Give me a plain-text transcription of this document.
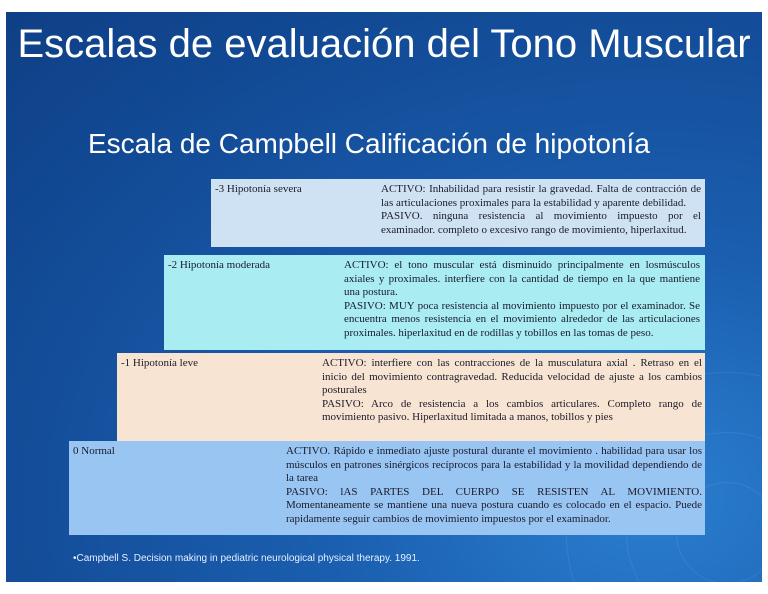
Escalas de evaluación del Tono Muscular
Escala de Campbell Calificación de hipotonía
-3 Hipotonía severa	ACTIVO: Inhabilidad para resistir la gravedad. Falta de contracción de las articulaciones proximales para la estabilidad y aparente debilidad.

PASIVO. ninguna resistencia al movimiento impuesto por el examinador. completo o excesivo rango de movimiento, hiperlaxitud.

-2 Hipotonía moderada	ACTIVO: el tono muscular está disminuido principalmente en losmúsculos axiales y proximales. interfiere con la cantidad de tiempo en la que mantiene una postura.

PASIVO: MUY poca resistencia al movimiento impuesto por el examinador. Se encuentra menos resistencia en el movimiento alrededor de las articulaciones proximales. hiperlaxitud en de rodillas y tobillos en las tomas de peso.

-1 Hipotonía leve	ACTIVO: interfiere con las contracciones de la musculatura axial . Retraso en el inicio del movimiento contragravedad. Reducida velocidad de ajuste a los cambios posturales

PASIVO: Arco de resistencia a los cambios articulares. Completo rango de movimiento pasivo. Hiperlaxitud limitada a manos, tobillos y pies

0 Normal	ACTIVO. Rápido e inmediato ajuste postural durante el movimiento . habilidad para usar los músculos en patrones sinérgicos recíprocos para la estabilidad y la movilidad dependiendo de la tarea

PASIVO: lAS PARTES DEL CUERPO SE RESISTEN AL MOVIMIENTO. Momentaneamente se mantiene una nueva postura cuando es colocado en el espacio. Puede rapidamente seguir cambios de movimiento impuestos por el examinador.

•Campbell S. Decision making in pediatric neurological physical therapy. 1991.
